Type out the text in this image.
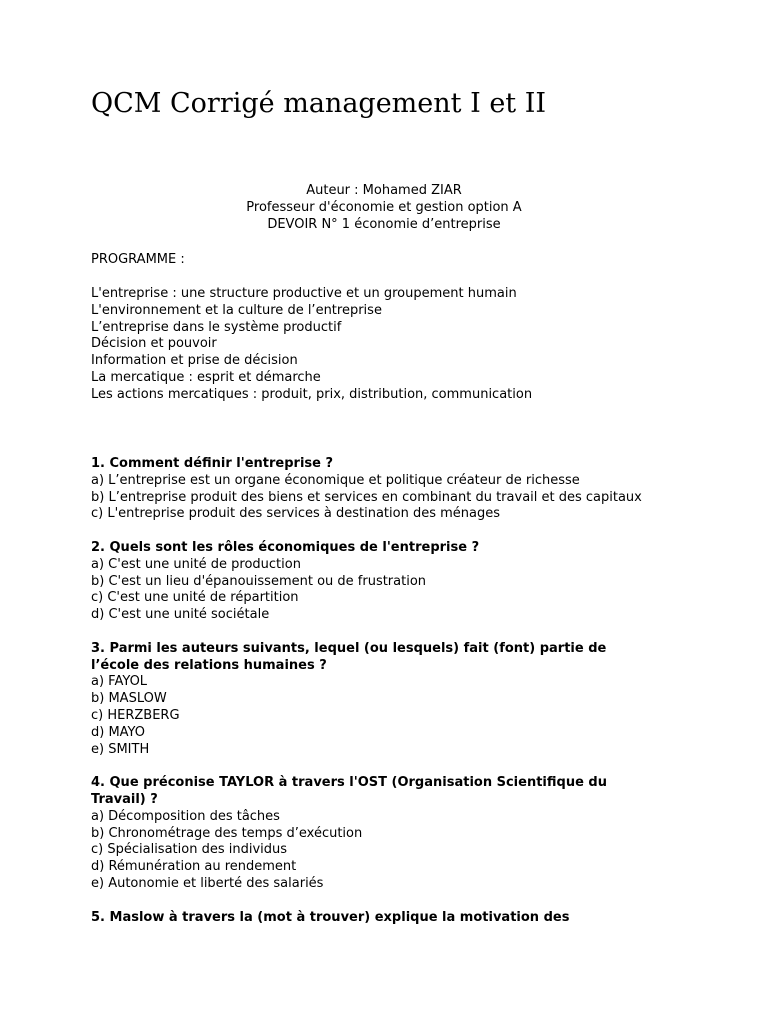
QCM Corrigé management I et II
Auteur : Mohamed ZIAR
Professeur d'économie et gestion option A
DEVOIR N° 1 économie d’entreprise
PROGRAMME :
L'entreprise : une structure productive et un groupement humain
L'environnement et la culture de l’entreprise
L’entreprise dans le système productif
Décision et pouvoir
Information et prise de décision
La mercatique : esprit et démarche
Les actions mercatiques : produit, prix, distribution, communication

1. Comment définir l'entreprise ?

a) L’entreprise est un organe économique et politique créateur de richesse
b) L’entreprise produit des biens et services en combinant du travail et des capitaux
c) L'entreprise produit des services à destination des ménages

2. Quels sont les rôles économiques de l'entreprise ?

a) C'est une unité de production
b) C'est un lieu d'épanouissement ou de frustration
c) C'est une unité de répartition
d) C'est une unité sociétale

3. Parmi les auteurs suivants, lequel (ou lesquels) fait (font) partie de l’école des relations humaines ?

a) FAYOL
b) MASLOW
c) HERZBERG
d) MAYO
e) SMITH

4. Que préconise TAYLOR à travers l'OST (Organisation Scientifique du Travail) ?

a) Décomposition des tâches
b) Chronométrage des temps d’exécution
c) Spécialisation des individus
d) Rémunération au rendement
e) Autonomie et liberté des salariés

5. Maslow à travers la (mot à trouver) explique la motivation des
